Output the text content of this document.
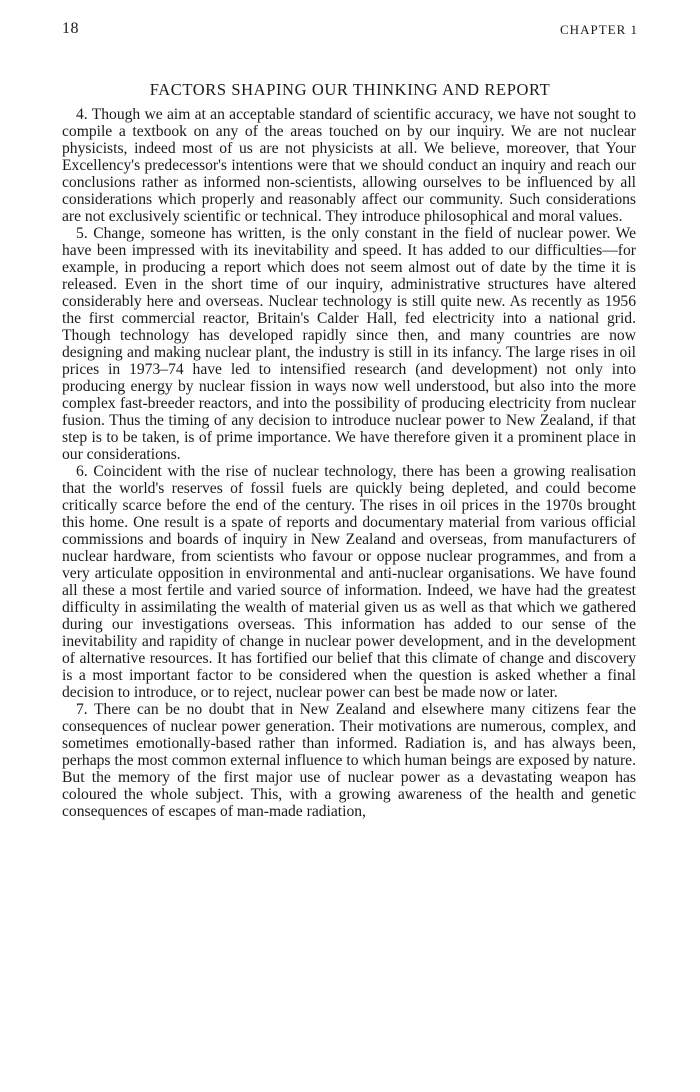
18	CHAPTER 1
FACTORS SHAPING OUR THINKING AND REPORT

4. Though we aim at an acceptable standard of scientific accuracy, we have not sought to compile a textbook on any of the areas touched on by our inquiry. We are not nuclear physicists, indeed most of us are not physicists at all. We believe, moreover, that Your Excellency's predecessor's intentions were that we should conduct an inquiry and reach our conclusions rather as informed non-scientists, allowing ourselves to be influenced by all considerations which properly and reasonably affect our community. Such considerations are not exclusively scientific or technical. They introduce philosophical and moral values.

5. Change, someone has written, is the only constant in the field of nuclear power. We have been impressed with its inevitability and speed. It has added to our difficulties—for example, in producing a report which does not seem almost out of date by the time it is released. Even in the short time of our inquiry, administrative structures have altered considerably here and overseas. Nuclear technology is still quite new. As recently as 1956 the first commercial reactor, Britain's Calder Hall, fed electricity into a national grid. Though technology has developed rapidly since then, and many countries are now designing and making nuclear plant, the industry is still in its infancy. The large rises in oil prices in 1973–74 have led to intensified research (and development) not only into producing energy by nuclear fission in ways now well understood, but also into the more complex fast-breeder reactors, and into the possibility of producing electricity from nuclear fusion. Thus the timing of any decision to introduce nuclear power to New Zealand, if that step is to be taken, is of prime importance. We have therefore given it a prominent place in our considerations.

6. Coincident with the rise of nuclear technology, there has been a growing realisation that the world's reserves of fossil fuels are quickly being depleted, and could become critically scarce before the end of the century. The rises in oil prices in the 1970s brought this home. One result is a spate of reports and documentary material from various official commissions and boards of inquiry in New Zealand and overseas, from manufacturers of nuclear hardware, from scientists who favour or oppose nuclear programmes, and from a very articulate opposition in environmental and anti-nuclear organisations. We have found all these a most fertile and varied source of information. Indeed, we have had the greatest difficulty in assimilating the wealth of material given us as well as that which we gathered during our investigations overseas. This information has added to our sense of the inevitability and rapidity of change in nuclear power development, and in the development of alternative resources. It has fortified our belief that this climate of change and discovery is a most important factor to be considered when the question is asked whether a final decision to introduce, or to reject, nuclear power can best be made now or later.

7. There can be no doubt that in New Zealand and elsewhere many citizens fear the consequences of nuclear power generation. Their motivations are numerous, complex, and sometimes emotionally-based rather than informed. Radiation is, and has always been, perhaps the most common external influence to which human beings are exposed by nature. But the memory of the first major use of nuclear power as a devastating weapon has coloured the whole subject. This, with a growing awareness of the health and genetic consequences of escapes of man-made radiation,
